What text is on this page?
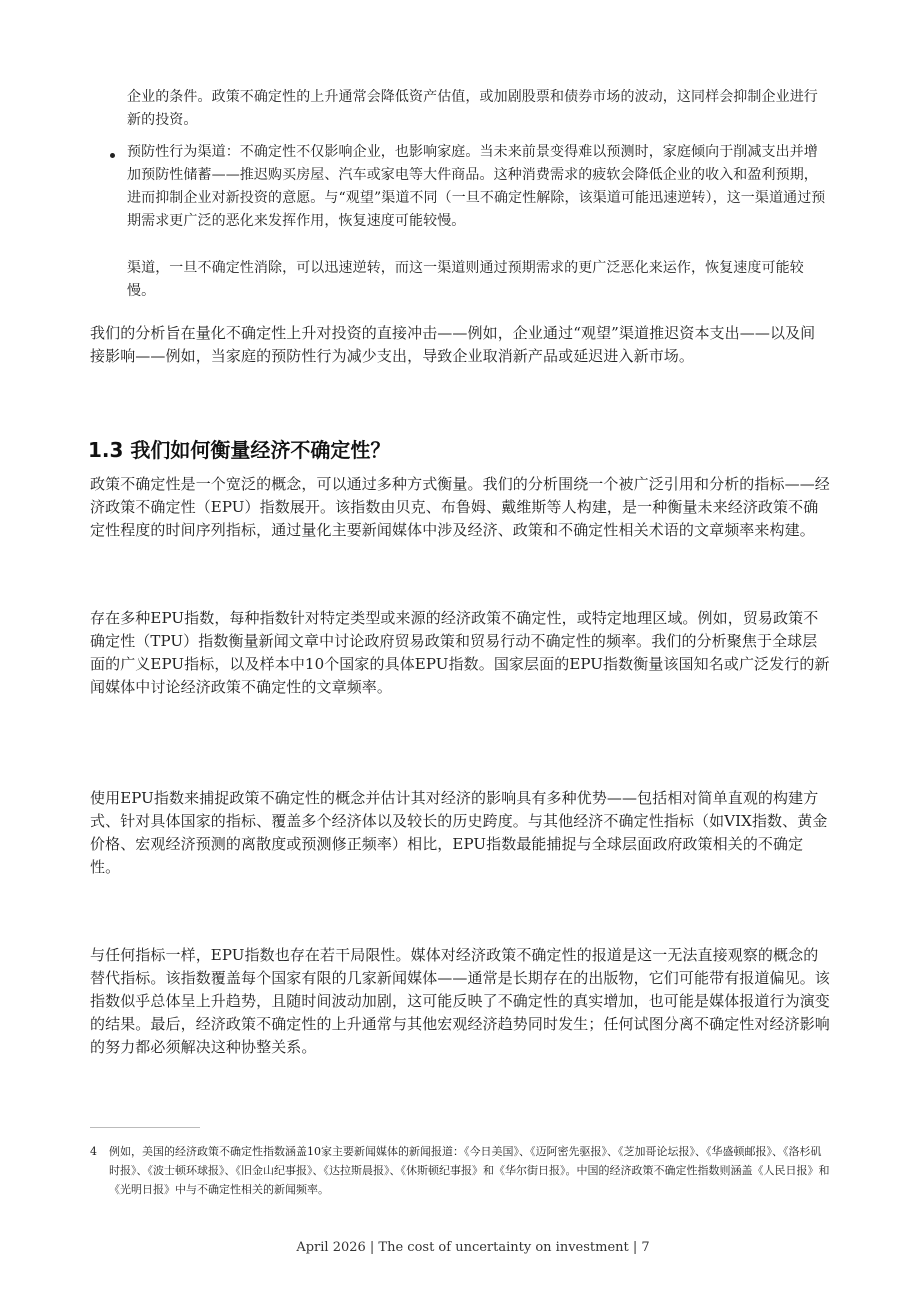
企业的条件。政策不确定性的上升通常会降低资产估值，或加剧股票和债券市场的波动，这同样会抑制企业进行新的投资。

预防性行为渠道：不确定性不仅影响企业，也影响家庭。当未来前景变得难以预测时，家庭倾向于削减支出并增加预防性储蓄——推迟购买房屋、汽车或家电等大件商品。这种消费需求的疲软会降低企业的收入和盈利预期，进而抑制企业对新投资的意愿。与“观望”渠道不同（一旦不确定性解除，该渠道可能迅速逆转），这一渠道通过预期需求更广泛的恶化来发挥作用，恢复速度可能较慢。

渠道，一旦不确定性消除，可以迅速逆转，而这一渠道则通过预期需求的更广泛恶化来运作，恢复速度可能较慢。

我们的分析旨在量化不确定性上升对投资的直接冲击——例如，企业通过“观望”渠道推迟资本支出——以及间接影响——例如，当家庭的预防性行为减少支出，导致企业取消新产品或延迟进入新市场。

1.3 我们如何衡量经济不确定性？

政策不确定性是一个宽泛的概念，可以通过多种方式衡量。我们的分析围绕一个被广泛引用和分析的指标——经济政策不确定性（EPU）指数展开。该指数由贝克、布鲁姆、戴维斯等人构建，是一种衡量未来经济政策不确定性程度的时间序列指标，通过量化主要新闻媒体中涉及经济、政策和不确定性相关术语的文章频率来构建。

存在多种EPU指数，每种指数针对特定类型或来源的经济政策不确定性，或特定地理区域。例如，贸易政策不确定性（TPU）指数衡量新闻文章中讨论政府贸易政策和贸易行动不确定性的频率。我们的分析聚焦于全球层面的广义EPU指标，以及样本中10个国家的具体EPU指数。国家层面的EPU指数衡量该国知名或广泛发行的新闻媒体中讨论经济政策不确定性的文章频率。

使用EPU指数来捕捉政策不确定性的概念并估计其对经济的影响具有多种优势——包括相对简单直观的构建方式、针对具体国家的指标、覆盖多个经济体以及较长的历史跨度。与其他经济不确定性指标（如VIX指数、黄金价格、宏观经济预测的离散度或预测修正频率）相比，EPU指数最能捕捉与全球层面政府政策相关的不确定性。

与任何指标一样，EPU指数也存在若干局限性。媒体对经济政策不确定性的报道是这一无法直接观察的概念的替代指标。该指数覆盖每个国家有限的几家新闻媒体——通常是长期存在的出版物，它们可能带有报道偏见。该指数似乎总体呈上升趋势，且随时间波动加剧，这可能反映了不确定性的真实增加，也可能是媒体报道行为演变的结果。最后，经济政策不确定性的上升通常与其他宏观经济趋势同时发生；任何试图分离不确定性对经济影响的努力都必须解决这种协整关系。

4 例如，美国的经济政策不确定性指数涵盖10家主要新闻媒体的新闻报道：《今日美国》、《迈阿密先驱报》、《芝加哥论坛报》、《华盛顿邮报》、《洛杉矶时报》、《波士顿环球报》、《旧金山纪事报》、《达拉斯晨报》、《休斯顿纪事报》和《华尔街日报》。中国的经济政策不确定性指数则涵盖《人民日报》和《光明日报》中与不确定性相关的新闻频率。

April 2026 | The cost of uncertainty on investment | 7
